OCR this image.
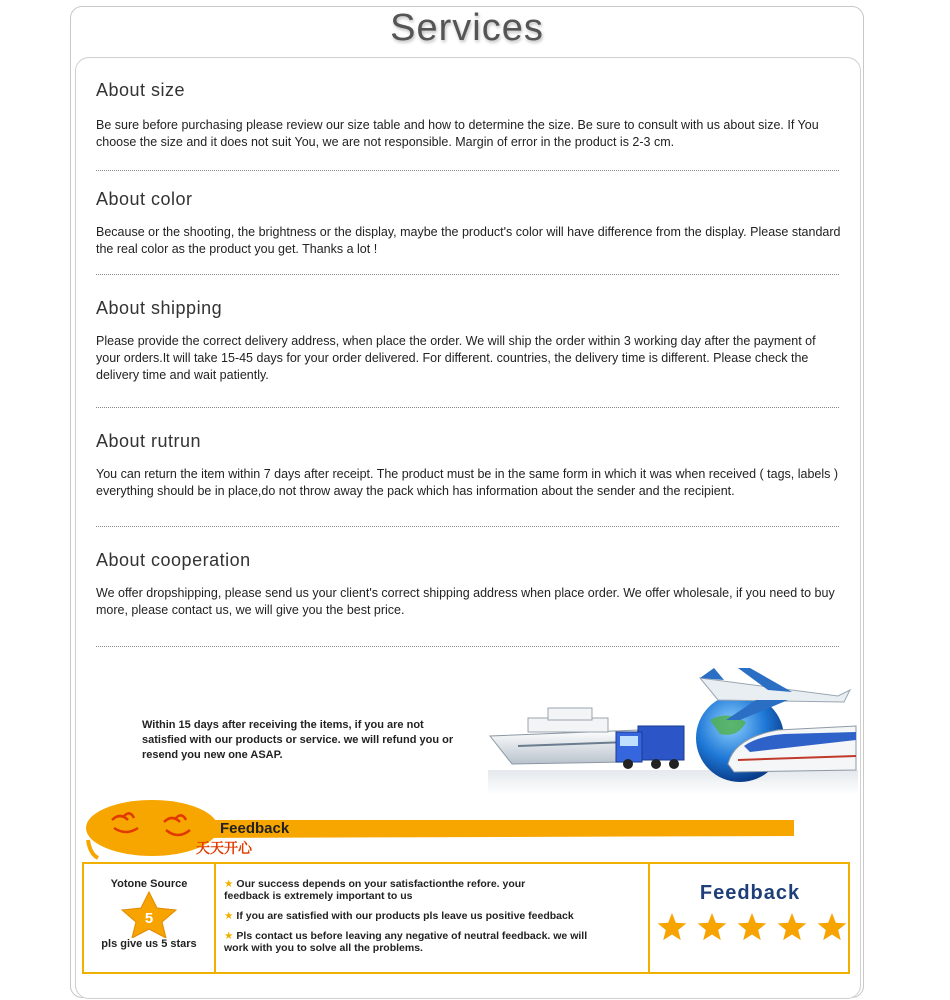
Services
About size

Be sure before purchasing please review our size table and how to determine the size. Be sure to consult with us about size. If You choose the size and it does not suit You, we are not responsible. Margin of error in the product is 2-3 cm.

About color

Because or the shooting, the brightness or the display, maybe the product's color will have difference from the display. Please standard the real color as the product you get. Thanks a lot !

About shipping

Please provide the correct delivery address, when place the order. We will ship the order within 3 working day after the payment of your orders.It will take 15-45 days for your order delivered. For different. countries, the delivery time is different. Please check the delivery time and wait patiently.

About rutrun

You can return the item within 7 days after receipt. The product must be in the same form in which it was when received ( tags, labels ) everything should be in place,do not throw away the pack which has information about the sender and the recipient.

About cooperation

We offer dropshipping, please send us your client's correct shipping address when place order. We offer wholesale, if you need to buy more, please contact us, we will give you the best price.

Within 15 days after receiving the items, if you are not satisfied with our products or service. we will refund you or resend you new one ASAP.
Feedback
天天开心
Yotone Source
5
pls give us 5 stars
★ Our success depends on your satisfactionthe refore. your feedback is extremely important to us
★ If you are satisfied with our products pls leave us positive feedback
★ Pls contact us before leaving any negative of neutral feedback. we will work with you to solve all the problems.
Feedback
